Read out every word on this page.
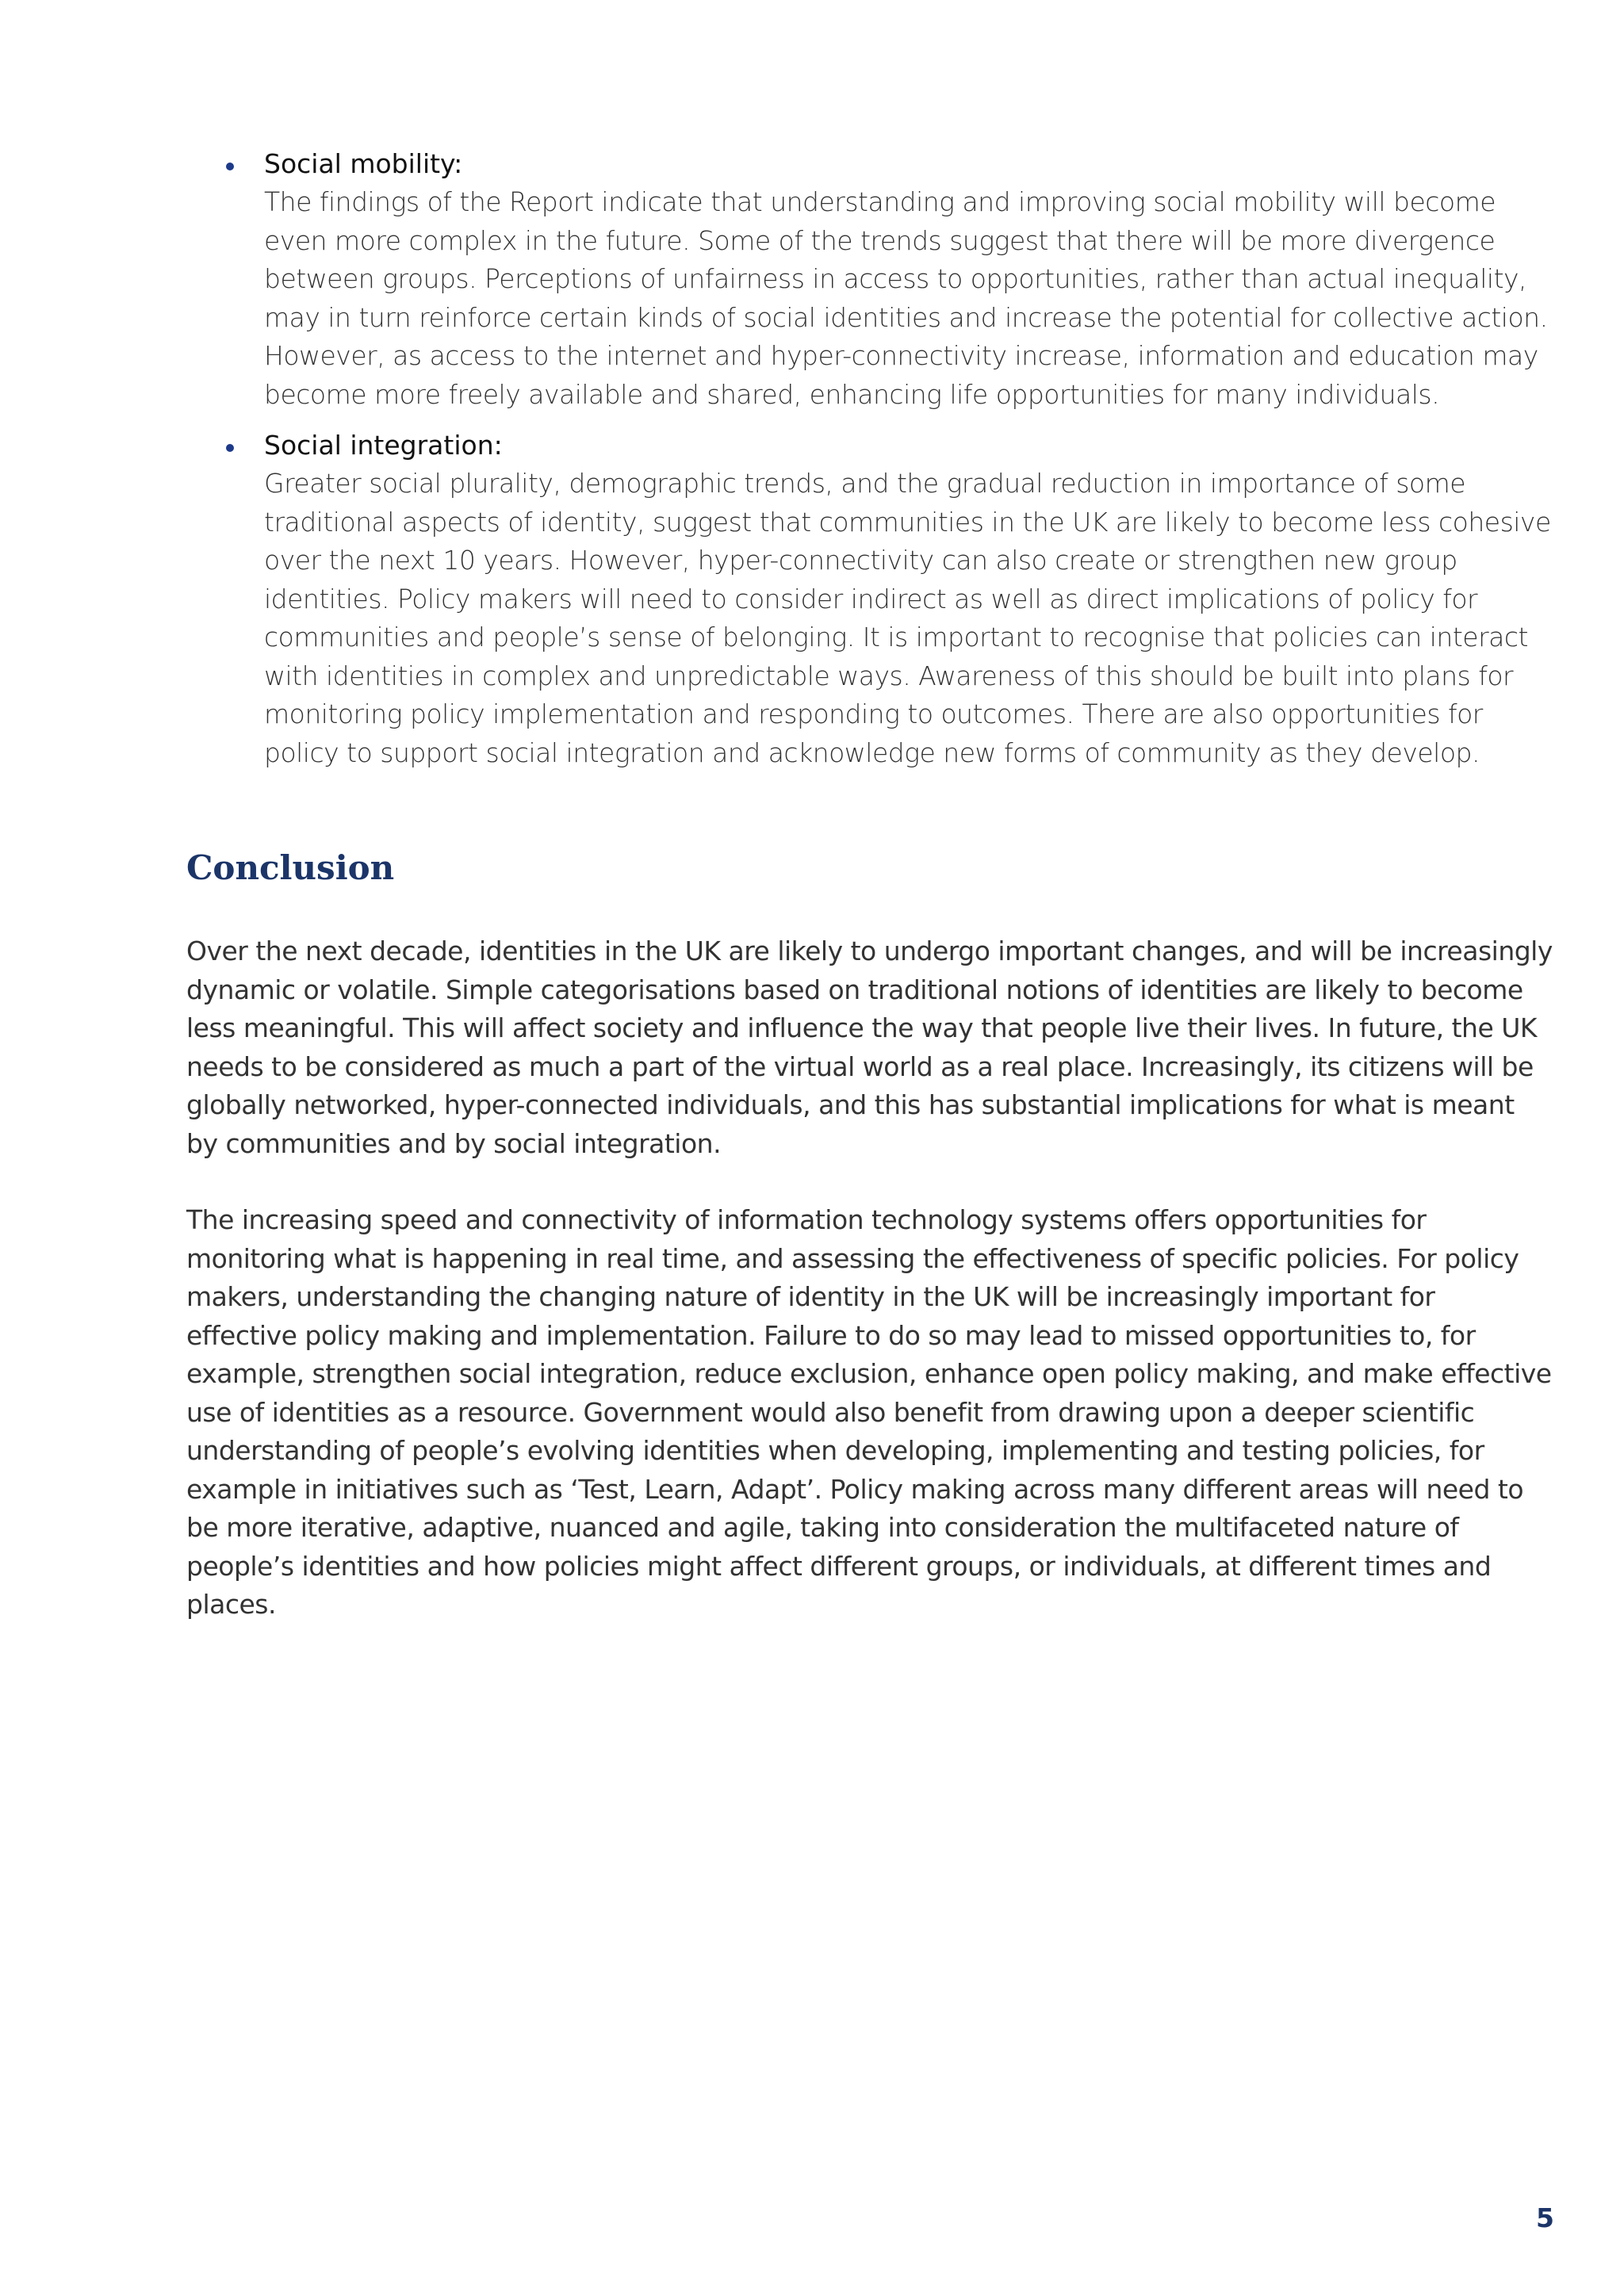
Social mobility:

The findings of the Report indicate that understanding and improving social mobility will become even more complex in the future. Some of the trends suggest that there will be more divergence between groups. Perceptions of unfairness in access to opportunities, rather than actual inequality, may in turn reinforce certain kinds of social identities and increase the potential for collective action. However, as access to the internet and hyper-connectivity increase, information and education may become more freely available and shared, enhancing life opportunities for many individuals.

Social integration:

Greater social plurality, demographic trends, and the gradual reduction in importance of some traditional aspects of identity, suggest that communities in the UK are likely to become less cohesive over the next 10 years. However, hyper-connectivity can also create or strengthen new group identities. Policy makers will need to consider indirect as well as direct implications of policy for communities and people’s sense of belonging. It is important to recognise that policies can interact with identities in complex and unpredictable ways. Awareness of this should be built into plans for monitoring policy implementation and responding to outcomes. There are also opportunities for policy to support social integration and acknowledge new forms of community as they develop.

Conclusion

Over the next decade, identities in the UK are likely to undergo important changes, and will be increasingly dynamic or volatile. Simple categorisations based on traditional notions of identities are likely to become less meaningful. This will affect society and influence the way that people live their lives. In future, the UK needs to be considered as much a part of the virtual world as a real place. Increasingly, its citizens will be globally networked, hyper-connected individuals, and this has substantial implications for what is meant by communities and by social integration.

The increasing speed and connectivity of information technology systems offers opportunities for monitoring what is happening in real time, and assessing the effectiveness of specific policies. For policy makers, understanding the changing nature of identity in the UK will be increasingly important for effective policy making and implementation. Failure to do so may lead to missed opportunities to, for example, strengthen social integration, reduce exclusion, enhance open policy making, and make effective use of identities as a resource. Government would also benefit from drawing upon a deeper scientific understanding of people’s evolving identities when developing, implementing and testing policies, for example in initiatives such as ‘Test, Learn, Adapt’. Policy making across many different areas will need to be more iterative, adaptive, nuanced and agile, taking into consideration the multifaceted nature of people’s identities and how policies might affect different groups, or individuals, at different times and places.

5
